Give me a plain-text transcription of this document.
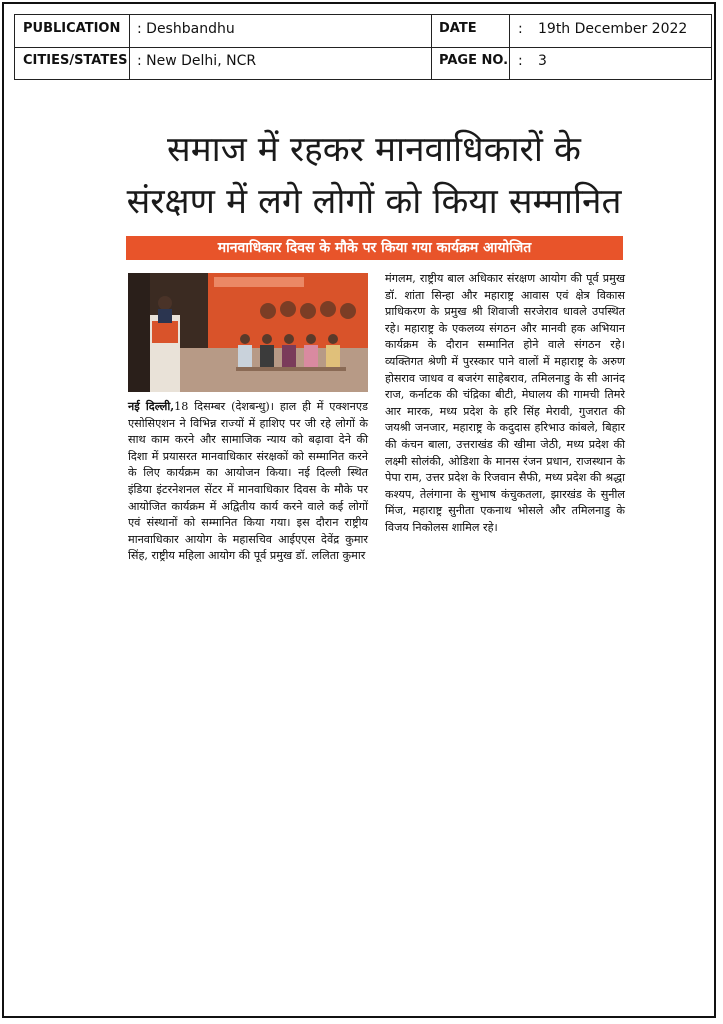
PUBLICATION : Deshbandhu	DATE	: 19th December 2022
CITIES/STATES : New Delhi, NCR	PAGE NO. : 3
समाज में रहकर मानवाधिकारों के
संरक्षण में लगे लोगों को किया सम्मानित
मानवाधिकार दिवस के मौके पर किया गया कार्यक्रम आयोजित
नई दिल्ली,18 दिसम्बर (देशबन्धु)। हाल ही में एक्शनएड एसोसिएशन ने विभिन्न राज्यों में हाशिए पर जी रहे लोगों के साथ काम करने और सामाजिक न्याय को बढ़ावा देने की दिशा में प्रयासरत मानवाधिकार संरक्षकों को सम्मानित करने के लिए कार्यक्रम का आयोजन किया। नई दिल्ली स्थित इंडिया इंटरनेशनल सेंटर में मानवाधिकार दिवस के मौके पर आयोजित कार्यक्रम में अद्वितीय कार्य करने वाले कई लोगों एवं संस्थानों को सम्मानित किया गया। इस दौरान राष्ट्रीय मानवाधिकार आयोग के महासचिव आईएएस देवेंद्र कुमार सिंह, राष्ट्रीय महिला आयोग की पूर्व प्रमुख डॉ. ललिता कुमार
मंगलम, राष्ट्रीय बाल अधिकार संरक्षण आयोग की पूर्व प्रमुख डॉ. शांता सिन्हा और महाराष्ट्र आवास एवं क्षेत्र विकास प्राधिकरण के प्रमुख श्री शिवाजी सरजेराव धावले उपस्थित रहे। महाराष्ट्र के एकलव्य संगठन और मानवी हक अभियान कार्यक्रम के दौरान सम्मानित होने वाले संगठन रहे। व्यक्तिगत श्रेणी में पुरस्कार पाने वालों में महाराष्ट्र के अरुण होसराव जाधव व बजरंग साहेबराव, तमिलनाडु के सी आनंद राज, कर्नाटक की चंद्रिका बीटी, मेघालय की गामची तिमरे आर मारक, मध्य प्रदेश के हरि सिंह मेरावी, गुजरात की जयश्री जनजार, महाराष्ट्र के कदुदास हरिभाउ कांबले, बिहार की कंचन बाला, उत्तराखंड की खीमा जेठी, मध्य प्रदेश की लक्ष्मी सोलंकी, ओडिशा के मानस रंजन प्रधान, राजस्थान के पेपा राम, उत्तर प्रदेश के रिजवान सैफी, मध्य प्रदेश की श्रद्धा कश्यप, तेलंगाना के सुभाष कंचुकतला, झारखंड के सुनील मिंज, महाराष्ट्र सुनीता एकनाथ भोसले और तमिलनाडु के विजय निकोलस शामिल रहे।
